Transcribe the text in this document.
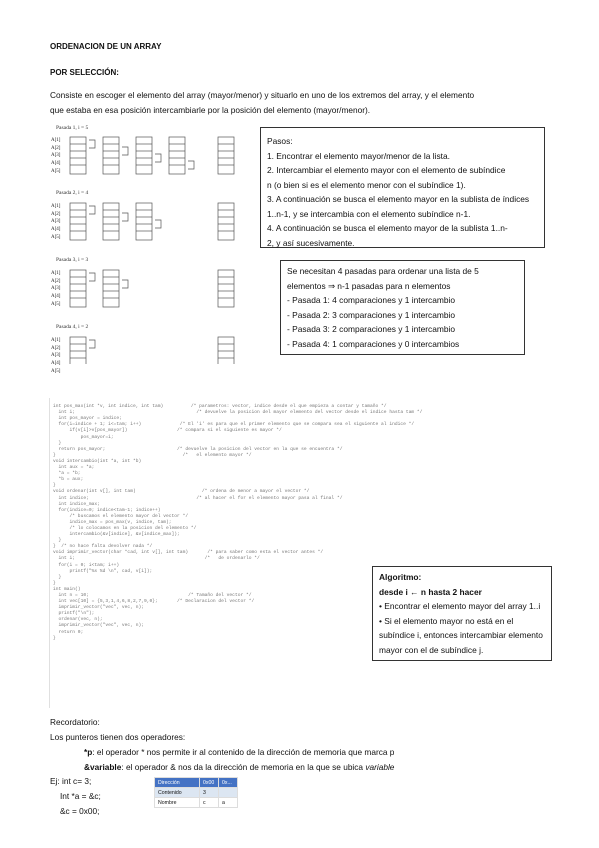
ORDENACION DE UN ARRAY
POR SELECCIÓN:
Consiste en escoger el elemento del array (mayor/menor) y situarlo en uno de los extremos del array, y el elemento
que estaba en esa posición intercambiarle por la posición del elemento (mayor/menor).
Pasada 1, i = 5
Pasada 2, i = 4
Pasada 3, i = 3
Pasada 4, i = 2
A[1]
A[2]
A[3]
A[4]
A[5]
A[1]
A[2]
A[3]
A[4]
A[5]
A[1]
A[2]
A[3]
A[4]
A[5]
A[1]
A[2]
A[3]
A[4]
A[5]
Pasos:
1. Encontrar el elemento mayor/menor de la lista.
2. Intercambiar el elemento mayor con el elemento de subíndice
n (o bien si es el elemento menor con el subíndice 1).
3. A continuación se busca el elemento mayor en la sublista de índices
1..n-1, y se intercambia con el elemento subíndice n-1.
4. A continuación se busca el elemento mayor de la sublista 1..n-
2, y así sucesivamente.
Se necesitan 4 pasadas para ordenar una lista de 5
elementos ⇒ n-1 pasadas para n elementos
- Pasada 1: 4 comparaciones y 1 intercambio
- Pasada 2: 3 comparaciones y 1 intercambio
- Pasada 3: 2 comparaciones y 1 intercambio
- Pasada 4: 1 comparaciones y 0 intercambios

int pos_max(int *v, int indice, int tam)          /* parametros: vector, indice desde el que empieza a contar y tamaño */
int i;                                            /* devuelve la posicion del mayor elemento del vector desde el indice hasta tam */
int pos_mayor = indice;
for(i=indice + 1; i<=tam; i++)              /* El 'i' es para que el primer elemento que se compara sea el siguiente al indice */
if(v[i]>v[pos_mayor])                  /* compara si el siguiente es mayor */
pos_mayor=i;
}
return pos_mayor;                          /* devuelve la posicion del vector en la que se encuentra */
}                                              /*   el elemento mayor */
void intercambio(int *a, int *b)
int aux = *a;
*a = *b;
*b = aux;
}
void ordenar(int v[], int tam)                        /* ordena de menor a mayor el vector */
int indice;                                       /* al hacer el for el elemento mayor pasa al final */
int indice_max;
for(indice=0; indice<tam-1; indice++)
/* buscamos el elemento mayor del vector */
indice_max = pos_max(v, indice, tam);
/* lo colocamos en la posicion del elemento */
intercambio(&v[indice], &v[indice_max]);
}
}  /* no hace falta devolver nada */
void imprimir_vector(char *cad, int v[], int tam)       /* para saber como esta el vector antes */
int i;                                               /*   de ordenarlo */
for(i = 0; i<tam; i++)
printf("%s %d \n", cad, v[i]);
}
}
int main()
int n = 10;                                    /* Tamaño del vector */
int vec[10] = {5,3,1,4,6,8,2,7,9,0};       /* Declaracion del vector */
imprimir_vector("vec", vec, n);
printf("\n");
ordenar(vec, n);
imprimir_vector("vec", vec, n);
return 0;
}

Algoritmo:
desde i ← n hasta 2 hacer
• Encontrar el elemento mayor del array 1..i
• Si el elemento mayor no está en el
subíndice i, entonces intercambiar elemento
mayor con el de subíndice j.
Recordatorio:
Los punteros tienen dos operadores:
*p: el operador * nos permite ir al contenido de la dirección de memoria que marca p
&variable: el operador & nos da la dirección de memoria en la que se ubica variable
Ej: int c= 3;
Int *a = &c;
&c = 0x00;
Dirección	0x00	0x...
Contenido	3	
Nombre	c	a
